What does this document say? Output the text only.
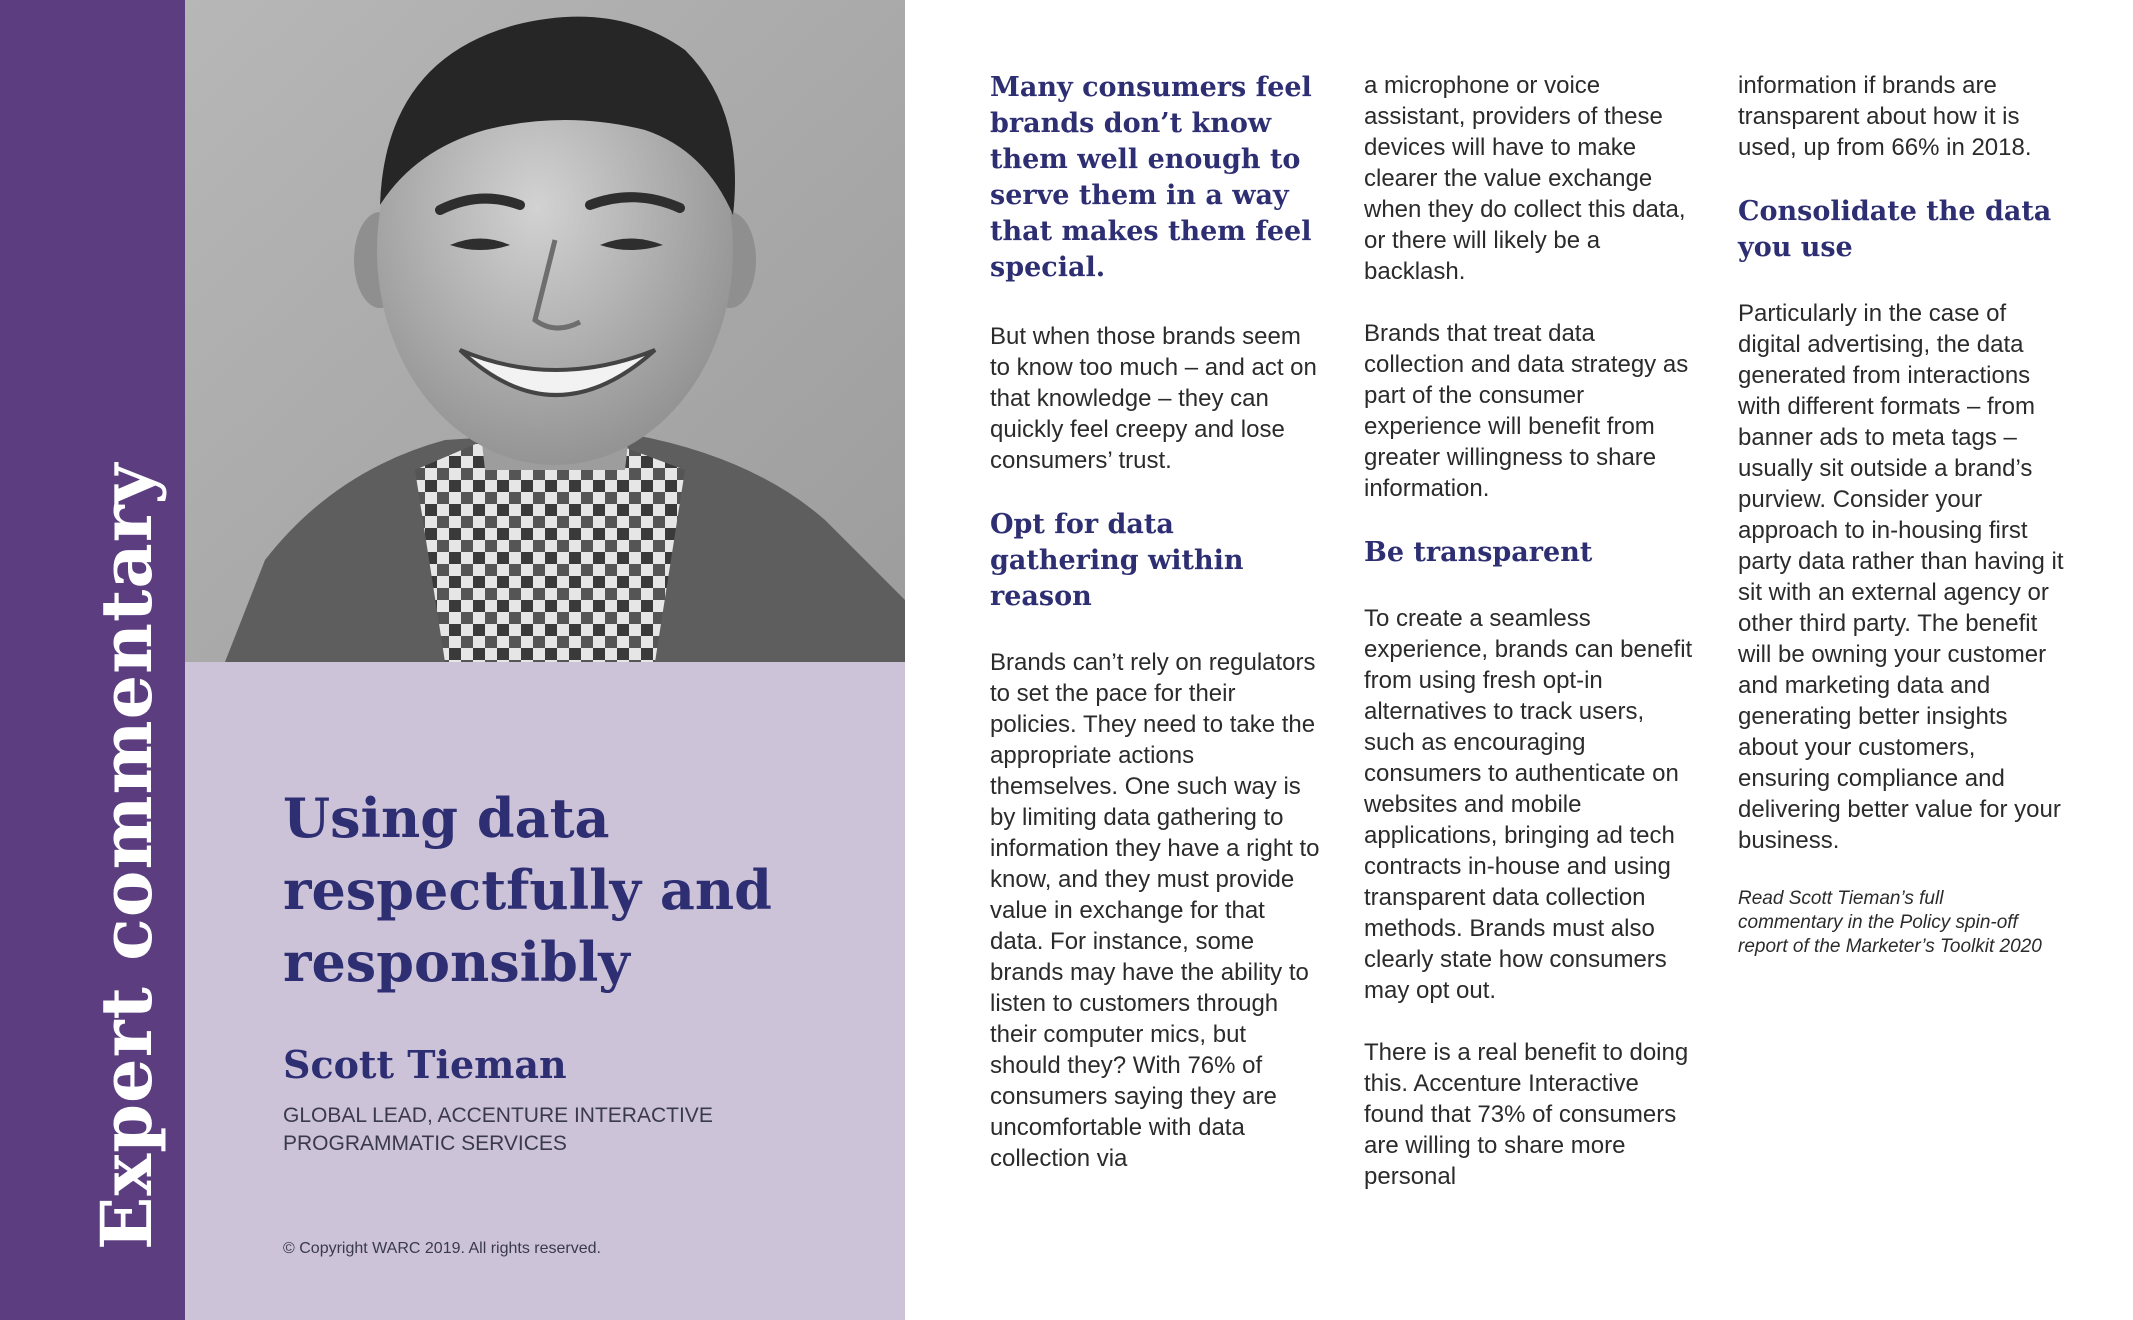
Expert commentary Using data respectfully and responsibly
Scott Tieman
GLOBAL LEAD, ACCENTURE INTERACTIVE PROGRAMMATIC SERVICES
© Copyright WARC 2019. All rights reserved.

Many consumers feel brands don’t know them well enough to serve them in a way that makes them feel special.

But when those brands seem to know too much – and act on that knowledge – they can quickly feel creepy and lose consumers’ trust.

Opt for data gathering within reason

Brands can’t rely on regulators to set the pace for their policies. They need to take the appropriate actions themselves. One such way is by limiting data gathering to information they have a right to know, and they must provide value in exchange for that data. For instance, some brands may have the ability to listen to customers through their computer mics, but should they? With 76% of consumers saying they are uncomfortable with data collection via

a microphone or voice assistant, providers of these devices will have to make clearer the value exchange when they do collect this data, or there will likely be a backlash.

Brands that treat data collection and data strategy as part of the consumer experience will benefit from greater willingness to share information.

Be transparent

To create a seamless experience, brands can benefit from using fresh opt-in alternatives to track users, such as encouraging consumers to authenticate on websites and mobile applications, bringing ad tech contracts in-house and using transparent data collection methods. Brands must also clearly state how consumers may opt out.

There is a real benefit to doing this. Accenture Interactive found that 73% of consumers are willing to share more personal

information if brands are transparent about how it is used, up from 66% in 2018.

Consolidate the data you use

Particularly in the case of digital advertising, the data generated from interactions with different formats – from banner ads to meta tags – usually sit outside a brand’s purview. Consider your approach to in-housing first party data rather than having it sit with an external agency or other third party. The benefit will be owning your customer and marketing data and generating better insights about your customers, ensuring compliance and delivering better value for your business.

Read Scott Tieman’s full commentary in the Policy spin-off report of the Marketer’s Toolkit 2020
